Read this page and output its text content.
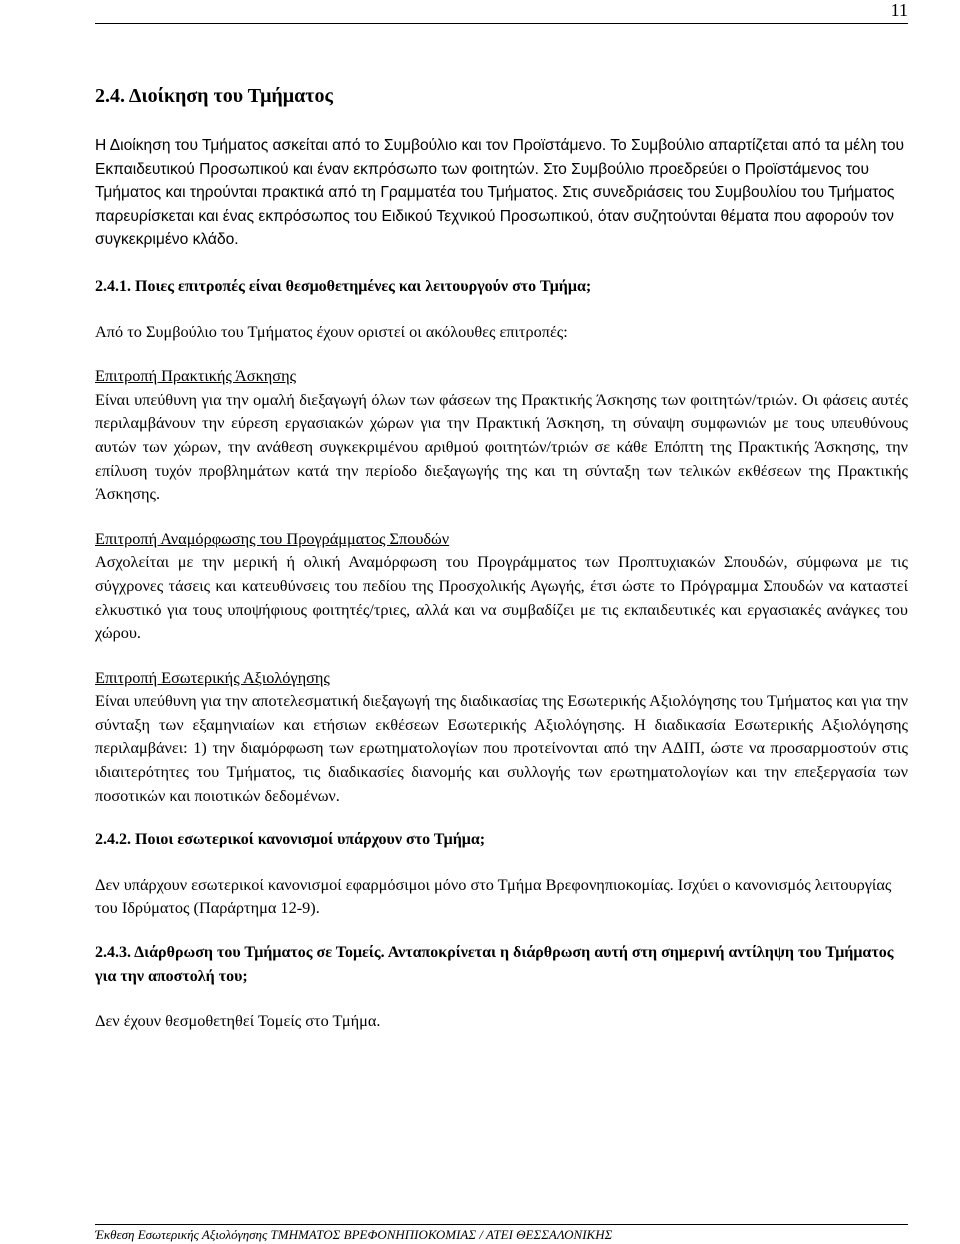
11
2.4. Διοίκηση του Τμήματος

Η Διοίκηση του Τμήματος ασκείται από το Συμβούλιο και τον Προϊστάμενο. Το Συμβούλιο απαρτίζεται από τα μέλη του Εκπαιδευτικού Προσωπικού και έναν εκπρόσωπο των φοιτητών. Στο Συμβούλιο προεδρεύει ο Προϊστάμενος του Τμήματος και τηρούνται πρακτικά από τη Γραμματέα του Τμήματος. Στις συνεδριάσεις του Συμβουλίου του Τμήματος παρευρίσκεται και ένας εκπρόσωπος του Ειδικού Τεχνικού Προσωπικού, όταν συζητούνται θέματα που αφορούν τον συγκεκριμένο κλάδο.

2.4.1. Ποιες επιτροπές είναι θεσμοθετημένες και λειτουργούν στο Τμήμα;

Από το Συμβούλιο του Τμήματος έχουν οριστεί οι ακόλουθες επιτροπές:

Επιτροπή Πρακτικής Άσκησης

Είναι υπεύθυνη για την ομαλή διεξαγωγή όλων των φάσεων της Πρακτικής Άσκησης των φοιτητών/τριών. Οι φάσεις αυτές περιλαμβάνουν την εύρεση εργασιακών χώρων για την Πρακτική Άσκηση, τη σύναψη συμφωνιών με τους υπευθύνους αυτών των χώρων, την ανάθεση συγκεκριμένου αριθμού φοιτητών/τριών σε κάθε Επόπτη της Πρακτικής Άσκησης, την επίλυση τυχόν προβλημάτων κατά την περίοδο διεξαγωγής της και τη σύνταξη των τελικών εκθέσεων της Πρακτικής Άσκησης.

Επιτροπή Αναμόρφωσης του Προγράμματος Σπουδών

Ασχολείται με την μερική ή ολική Αναμόρφωση του Προγράμματος των Προπτυχιακών Σπουδών, σύμφωνα με τις σύγχρονες τάσεις και κατευθύνσεις του πεδίου της Προσχολικής Αγωγής, έτσι ώστε το Πρόγραμμα Σπουδών να καταστεί ελκυστικό για τους υποψήφιους φοιτητές/τριες, αλλά και να συμβαδίζει με τις εκπαιδευτικές και εργασιακές ανάγκες του χώρου.

Επιτροπή Εσωτερικής Αξιολόγησης

Είναι υπεύθυνη για την αποτελεσματική διεξαγωγή της διαδικασίας της Εσωτερικής Αξιολόγησης του Τμήματος και για την σύνταξη των εξαμηνιαίων και ετήσιων εκθέσεων Εσωτερικής Αξιολόγησης. Η διαδικασία Εσωτερικής Αξιολόγησης περιλαμβάνει: 1) την διαμόρφωση των ερωτηματολογίων που προτείνονται από την ΑΔΙΠ, ώστε να προσαρμοστούν στις ιδιαιτερότητες του Τμήματος, τις διαδικασίες διανομής και συλλογής των ερωτηματολογίων και την επεξεργασία των ποσοτικών και ποιοτικών δεδομένων.

2.4.2. Ποιοι εσωτερικοί κανονισμοί υπάρχουν στο Τμήμα;

Δεν υπάρχουν εσωτερικοί κανονισμοί εφαρμόσιμοι μόνο στο Τμήμα Βρεφονηπιοκομίας. Ισχύει ο κανονισμός λειτουργίας του Ιδρύματος (Παράρτημα 12-9).

2.4.3. Διάρθρωση του Τμήματος σε Τομείς. Ανταποκρίνεται η διάρθρωση αυτή στη σημερινή αντίληψη του Τμήματος για την αποστολή του;

Δεν έχουν θεσμοθετηθεί Τομείς στο Τμήμα.

Έκθεση Εσωτερικής Αξιολόγησης ΤΜΗΜΑΤΟΣ ΒΡΕΦΟΝΗΠΙΟΚΟΜΙΑΣ / ΑΤΕΙ ΘΕΣΣΑΛΟΝΙΚΗΣ
